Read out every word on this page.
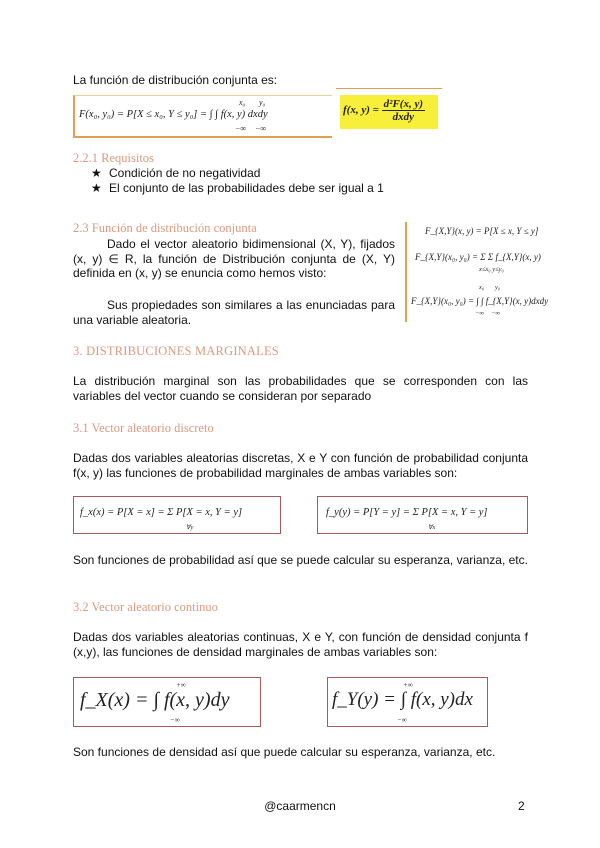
La función de distribución conjunta es:
F(x₀, y₀) = P[X ≤ x₀, Y ≤ y₀] = ∫ ∫ f(x, y) dxdy
x₀ y₀
−∞ −∞
f(x, $y) = \frac{\text{d²F(x, y)}}{\text{dxdy}}$
2.2.1 Requisitos
★ Condición de no negatividad
★ El conjunto de las probabilidades debe ser igual a 1
2.3 Función de distribución conjunta
Dado el vector aleatorio bidimensional (X, Y), fijados (x, y) ∈ R, la función de Distribución conjunta de (X, Y) definida en (x, y) se enuncia como hemos visto:
Sus propiedades son similares a las enunciadas para una variable aleatoria.
F_{X,Y}(x, y) = P[X ≤ x, Y ≤ y]
F_{X,Y}(x₀, y₀) = Σ Σ f_{X,Y}(x, y)
x≤x₀ y≤y₀
F_{X,Y}(x₀, y₀) = ∫ ∫ f_{X,Y}(x, y)dxdy
x₀ y₀
−∞ −∞
3. DISTRIBUCIONES MARGINALES
La distribución marginal son las probabilidades que se corresponden con las variables del vector cuando se consideran por separado
3.1 Vector aleatorio discreto
Dadas dos variables aleatorias discretas, X e Y con función de probabilidad conjunta f(x, y) las funciones de probabilidad marginales de ambas variables son:
f_x(x) = P[X = x] = Σ P[X = x, Y = y]
∀y
f_y(y) = P[Y = y] = Σ P[X = x, Y = y]
∀x
Son funciones de probabilidad así que se puede calcular su esperanza, varianza, etc.
3.2 Vector aleatorio continuo
Dadas dos variables aleatorias continuas, X e Y, con función de densidad conjunta f (x,y), las funciones de densidad marginales de ambas variables son:
f_X(x) = ∫ f(x, y)dy
+∞
−∞
f_Y(y) = ∫ f(x, y)dx
+∞
−∞
Son funciones de densidad así que puede calcular su esperanza, varianza, etc.
@caarmencn	2
